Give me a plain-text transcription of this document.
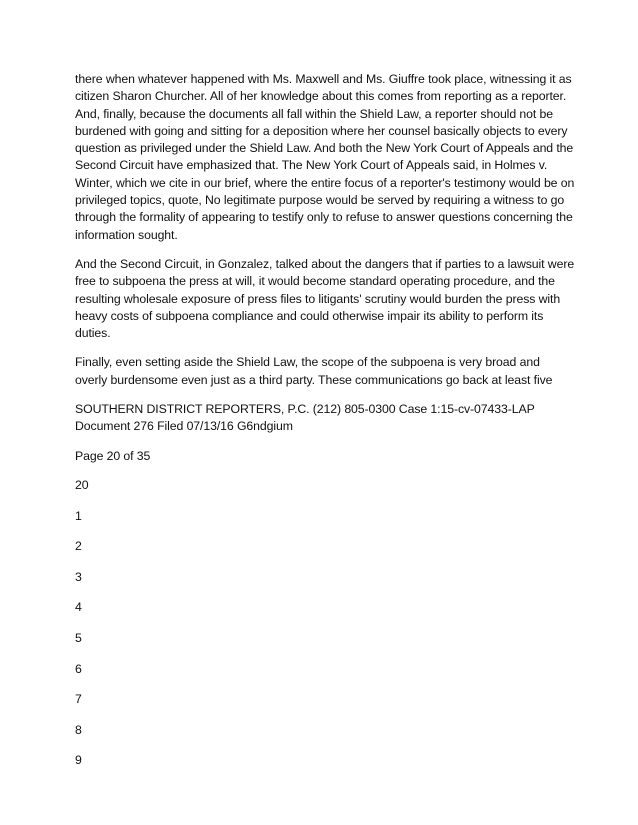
there when whatever happened with Ms. Maxwell and Ms. Giuffre took place, witnessing it as citizen Sharon Churcher. All of her knowledge about this comes from reporting as a reporter. And, finally, because the documents all fall within the Shield Law, a reporter should not be burdened with going and sitting for a deposition where her counsel basically objects to every question as privileged under the Shield Law. And both the New York Court of Appeals and the Second Circuit have emphasized that. The New York Court of Appeals said, in Holmes v. Winter, which we cite in our brief, where the entire focus of a reporter's testimony would be on privileged topics, quote, No legitimate purpose would be served by requiring a witness to go through the formality of appearing to testify only to refuse to answer questions concerning the information sought.

And the Second Circuit, in Gonzalez, talked about the dangers that if parties to a lawsuit were free to subpoena the press at will, it would become standard operating procedure, and the resulting wholesale exposure of press files to litigants' scrutiny would burden the press with heavy costs of subpoena compliance and could otherwise impair its ability to perform its duties.

Finally, even setting aside the Shield Law, the scope of the subpoena is very broad and overly burdensome even just as a third party. These communications go back at least five

SOUTHERN DISTRICT REPORTERS, P.C. (212) 805-0300 Case 1:15-cv-07433-LAP Document 276 Filed 07/13/16 G6ndgium

Page 20 of 35

20
1
2
3
4
5
6
7
8
9
